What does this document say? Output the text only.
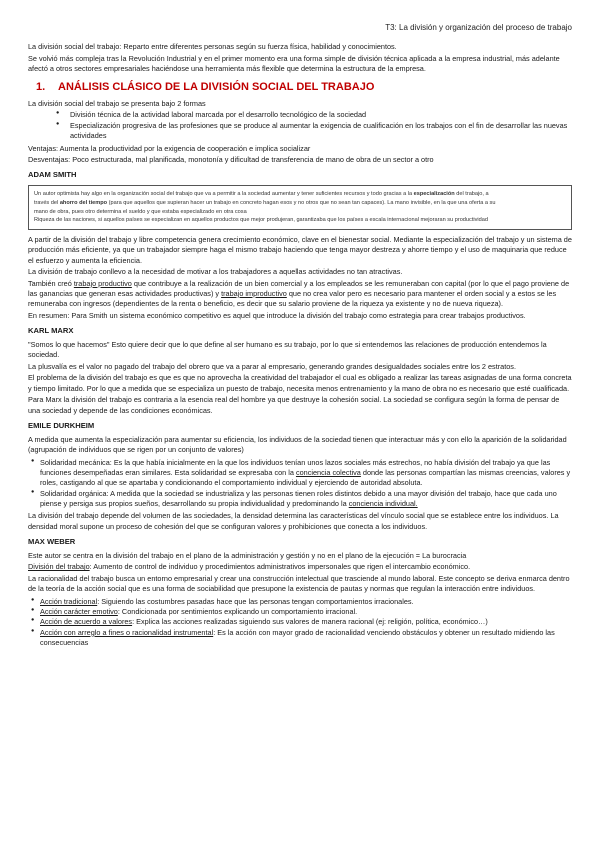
T3: La división y organización del proceso de trabajo

La división social del trabajo: Reparto entre diferentes personas según su fuerza física, habilidad y conocimientos.

Se volvió más compleja tras la Revolución Industrial y en el primer momento era una forma simple de división técnica aplicada a la empresa industrial, más adelante afectó a otros sectores empresariales haciéndose una herramienta más flexible que determina la estructura de la empresa.

1. ANÁLISIS CLÁSICO DE LA DIVISIÓN SOCIAL DEL TRABAJO

La división social del trabajo se presenta bajo 2 formas

● División técnica de la actividad laboral marcada por el desarrollo tecnológico de la sociedad
● Especialización progresiva de las profesiones que se produce al aumentar la exigencia de cualificación en los trabajos con el fin de desarrollar las nuevas actividades

Ventajas: Aumenta la productividad por la exigencia de cooperación e implica socializar

Desventajas: Poco estructurada, mal planificada, monotonía y dificultad de transferencia de mano de obra de un sector a otro

ADAM SMITH
Un autor optimista hay algo en la organización social del trabajo que va a permitir a la sociedad aumentar y tener suficientes recursos y todo gracias a la especialización del trabajo, a
través del ahorro del tiempo (para que aquellos que supieran hacer un trabajo en concreto hagan esos y no otros que no sean tan capaces). La mano invisible, en la que una oferta a su
mano de obra, pues otro determina el sueldo y que estaba especializado en otra cosa
Riqueza de las naciones, si aquellos países se especializan en aquellos productos que mejor produjeran, garantizaba que los países a escala internacional mejoraran su productividad

A partir de la división del trabajo y libre competencia genera crecimiento económico, clave en el bienestar social. Mediante la especialización del trabajo y un sistema de producción más eficiente, ya que un trabajador siempre haga el mismo trabajo haciendo que tenga mayor destreza y ahorre tiempo y el uso de maquinaria que reduce el esfuerzo y aumenta la eficiencia.

La división de trabajo conllevo a la necesidad de motivar a los trabajadores a aquellas actividades no tan atractivas.

También creó trabajo productivo que contribuye a la realización de un bien comercial y a los empleados se les remuneraban con capital (por lo que el pago proviene de las ganancias que generan esas actividades productivas) y trabajo improductivo que no crea valor pero es necesario para mantener el orden social y a estos se les remuneraba con ingresos (dependientes de la renta o beneficio, es decir que su salario proviene de la riqueza ya existente y no de nueva riqueza).

En resumen: Para Smith un sistema económico competitivo es aquel que introduce la división del trabajo como estrategia para crear trabajos productivos.

KARL MARX

"Somos lo que hacemos" Esto quiere decir que lo que define al ser humano es su trabajo, por lo que si entendemos las relaciones de producción entendemos la sociedad.

La plusvalía es el valor no pagado del trabajo del obrero que va a parar al empresario, generando grandes desigualdades sociales entre los 2 estratos.

El problema de la división del trabajo es que es que no aprovecha la creatividad del trabajador el cual es obligado a realizar las tareas asignadas de una forma concreta y tiempo limitado. Por lo que a medida que se especializa un puesto de trabajo, necesita menos entrenamiento y la mano de obra no es necesario que esté cualificada.

Para Marx la división del trabajo es contraria a la esencia real del hombre ya que destruye la cohesión social. La sociedad se configura según la forma de pensar de una sociedad y depende de las condiciones económicas.

EMILE DURKHEIM

A medida que aumenta la especialización para aumentar su eficiencia, los individuos de la sociedad tienen que interactuar más y con ello la aparición de la solidaridad (agrupación de individuos que se rigen por un conjunto de valores)

● Solidaridad mecánica: Es la que había inicialmente en la que los individuos tenían unos lazos sociales más estrechos, no había división del trabajo ya que las funciones desempeñadas eran similares. Esta solidaridad se expresaba con la conciencia colectiva donde las personas compartían las mismas creencias, valores y roles, castigando al que se apartaba y condicionando el comportamiento individual y ejerciendo de autoridad absoluta.
● Solidaridad orgánica: A medida que la sociedad se industrializa y las personas tienen roles distintos debido a una mayor división del trabajo, hace que cada uno piense y persiga sus propios sueños, desarrollando su propia individualidad y predominando la conciencia individual.

La división del trabajo depende del volumen de las sociedades, la densidad determina las características del vínculo social que se establece entre los individuos. La densidad moral supone un proceso de cohesión del que se configuran valores y prohibiciones que conecta a los individuos.

MAX WEBER

Este autor se centra en la división del trabajo en el plano de la administración y gestión y no en el plano de la ejecución = La burocracia

División del trabajo: Aumento de control de individuo y procedimientos administrativos impersonales que rigen el intercambio económico.

La racionalidad del trabajo busca un entorno empresarial y crear una construcción intelectual que trasciende al mundo laboral. Este concepto se deriva enmarca dentro de la teoría de la acción social que es una forma de sociabilidad que presupone la existencia de pautas y normas que regulan la interacción entre individuos.

● Acción tradicional: Siguiendo las costumbres pasadas hace que las personas tengan comportamientos irracionales.
● Acción carácter emotivo: Condicionada por sentimientos explicando un comportamiento irracional.
● Acción de acuerdo a valores: Explica las acciones realizadas siguiendo sus valores de manera racional (ej: religión, política, económico…)
● Acción con arreglo a fines o racionalidad instrumental: Es la acción con mayor grado de racionalidad venciendo obstáculos y obtener un resultado midiendo las consecuencias
